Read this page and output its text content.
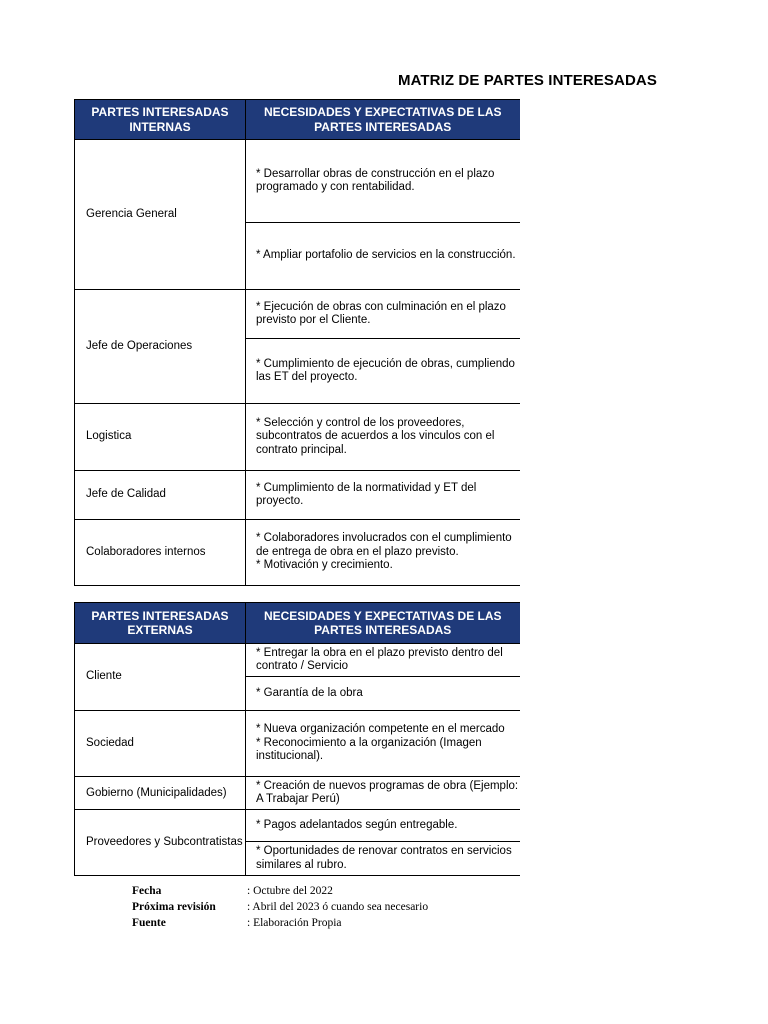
MATRIZ DE PARTES INTERESADAS
PARTES INTERESADAS INTERNAS	NECESIDADES Y EXPECTATIVAS DE LAS PARTES INTERESADAS
Gerencia General	* Desarrollar obras de construcción en el plazo programado y con rentabilidad.
	* Ampliar portafolio de servicios en la construcción.
Jefe de Operaciones	* Ejecución de obras con culminación en el plazo previsto por el Cliente.
	* Cumplimiento de ejecución de obras, cumpliendo las ET del proyecto.
Logistica	* Selección y control de los proveedores, subcontratos de acuerdos a los vinculos con el contrato principal.
Jefe de Calidad	* Cumplimiento de la normatividad y ET del proyecto.
Colaboradores internos	* Colaboradores involucrados con el cumplimiento de entrega de obra en el plazo previsto.
* Motivación y crecimiento.
PARTES INTERESADAS EXTERNAS	NECESIDADES Y EXPECTATIVAS DE LAS PARTES INTERESADAS
Cliente	* Entregar la obra en el plazo previsto dentro del contrato / Servicio
	* Garantía de la obra
Sociedad	* Nueva organización competente en el mercado
* Reconocimiento a la organización (Imagen institucional).
Gobierno (Municipalidades)	* Creación de nuevos programas de obra (Ejemplo: A Trabajar Perú)
Proveedores y Subcontratistas	* Pagos adelantados según entregable.
	* Oportunidades de renovar contratos en servicios similares al rubro.
Fecha	: Octubre del 2022
Próxima revisión	: Abril del 2023 ó cuando sea necesario
Fuente	: Elaboración Propia
